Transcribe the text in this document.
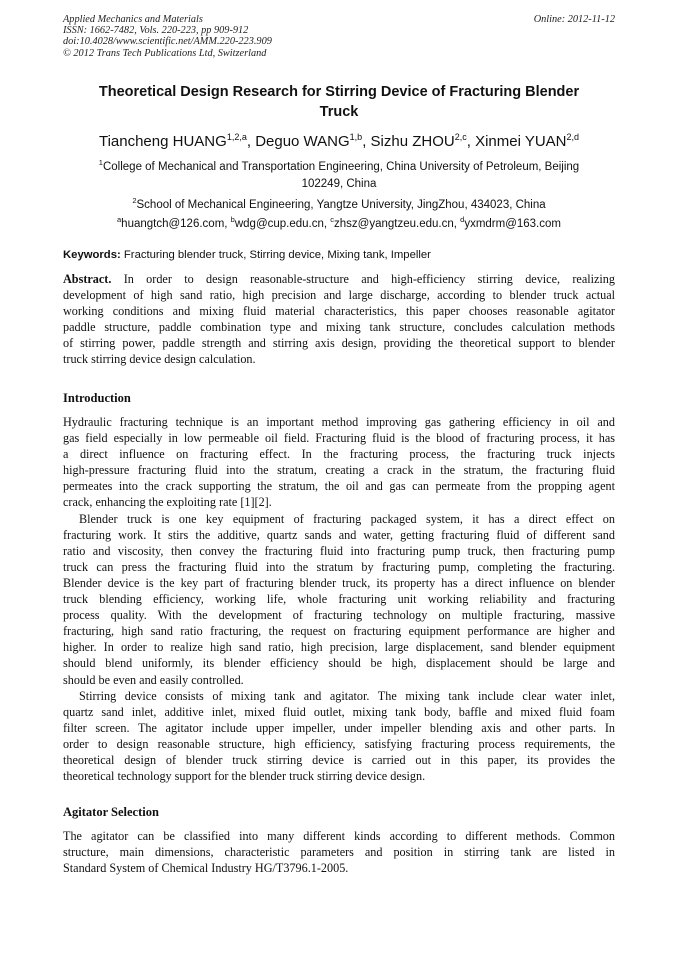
Applied Mechanics and Materials
ISSN: 1662-7482, Vols. 220-223, pp 909-912
doi:10.4028/www.scientific.net/AMM.220-223.909
© 2012 Trans Tech Publications Ltd, Switzerland
Online: 2012-11-12
Theoretical Design Research for Stirring Device of Fracturing Blender
Truck
Tiancheng HUANG$^{1,2,a}$, Deguo WANG$^{1,b}$, Sizhu ZHOU$^{2,c}$, Xinmei YUAN$^{2,d}$
$^1$College of Mechanical and Transportation Engineering, China University of Petroleum, Beijing
102249, China
$^2$School of Mechanical Engineering, Yangtze University, JingZhou, 434023, China
$^a$huangtch@126.com, $^b$wdg@cup.edu.cn, $^c$zhsz@yangtzeu.edu.cn, $^d$yxmdrm@163.com
Keywords: Fracturing blender truck, Stirring device, Mixing tank, Impeller
Abstract. In order to design reasonable-structure and high-efficiency stirring device, realizing
development of high sand ratio, high precision and large discharge, according to blender truck actual
working conditions and mixing fluid material characteristics, this paper chooses reasonable agitator
paddle structure, paddle combination type and mixing tank structure, concludes calculation methods
of stirring power, paddle strength and stirring axis design, providing the theoretical support to blender
truck stirring device design calculation.
Introduction
Hydraulic fracturing technique is an important method improving gas gathering efficiency in oil and
gas field especially in low permeable oil field. Fracturing fluid is the blood of fracturing process, it has
a direct influence on fracturing effect. In the fracturing process, the fracturing truck injects
high-pressure fracturing fluid into the stratum, creating a crack in the stratum, the fracturing fluid
permeates into the crack supporting the stratum, the oil and gas can permeate from the propping agent
crack, enhancing the exploiting rate [1][2].
Blender truck is one key equipment of fracturing packaged system, it has a direct effect on
fracturing work. It stirs the additive, quartz sands and water, getting fracturing fluid of different sand
ratio and viscosity, then convey the fracturing fluid into fracturing pump truck, then fracturing pump
truck can press the fracturing fluid into the stratum by fracturing pump, completing the fracturing.
Blender device is the key part of fracturing blender truck, its property has a direct influence on blender
truck blending efficiency, working life, whole fracturing unit working reliability and fracturing
process quality. With the development of fracturing technology on multiple fracturing, massive
fracturing, high sand ratio fracturing, the request on fracturing equipment performance are higher and
higher. In order to realize high sand ratio, high precision, large displacement, sand blender equipment
should blend uniformly, its blender efficiency should be high, displacement should be large and
should be even and easily controlled.
Stirring device consists of mixing tank and agitator. The mixing tank include clear water inlet,
quartz sand inlet, additive inlet, mixed fluid outlet, mixing tank body, baffle and mixed fluid foam
filter screen. The agitator include upper impeller, under impeller blending axis and other parts. In
order to design reasonable structure, high efficiency, satisfying fracturing process requirements, the
theoretical design of blender truck stirring device is carried out in this paper, its provides the
theoretical technology support for the blender truck stirring device design.
Agitator Selection
The agitator can be classified into many different kinds according to different methods. Common
structure, main dimensions, characteristic parameters and position in stirring tank are listed in
Standard System of Chemical Industry HG/T3796.1-2005.
